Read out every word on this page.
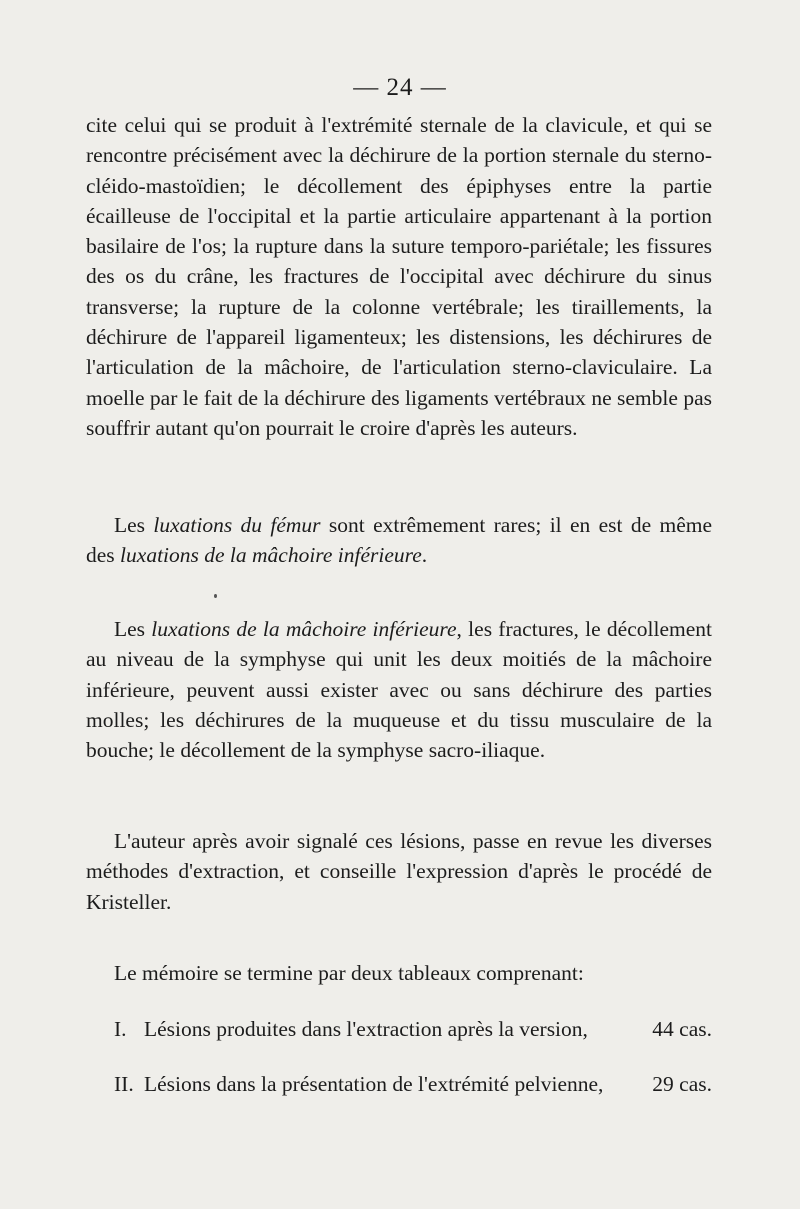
— 24 —
cite celui qui se produit à l'extrémité sternale de la clavicule, et qui se rencontre précisément avec la déchirure de la portion sternale du sterno-cléido-mastoïdien; le décollement des épiphyses entre la partie écailleuse de l'occipital et la partie articulaire appartenant à la portion basilaire de l'os; la rupture dans la suture temporo-pariétale; les fissures des os du crâne, les fractures de l'occipital avec déchirure du sinus transverse; la rupture de la colonne vertébrale; les tiraillements, la déchirure de l'appareil ligamenteux; les distensions, les déchirures de l'articulation de la mâchoire, de l'articulation sterno-claviculaire. La moelle par le fait de la déchirure des ligaments vertébraux ne semble pas souffrir autant qu'on pourrait le croire d'après les auteurs.
Les luxations du fémur sont extrêmement rares; il en est de même des luxations de la mâchoire inférieure.
Les luxations de la mâchoire inférieure, les fractures, le décollement au niveau de la symphyse qui unit les deux moitiés de la mâchoire inférieure, peuvent aussi exister avec ou sans déchirure des parties molles; les déchirures de la muqueuse et du tissu musculaire de la bouche; le décollement de la symphyse sacro-iliaque.
L'auteur après avoir signalé ces lésions, passe en revue les diverses méthodes d'extraction, et conseille l'expression d'après le procédé de Kristeller.
Le mémoire se termine par deux tableaux comprenant:
I. Lésions produites dans l'extraction après la version,	44 cas.
II. Lésions dans la présentation de l'extrémité pelvienne, 29 cas.
